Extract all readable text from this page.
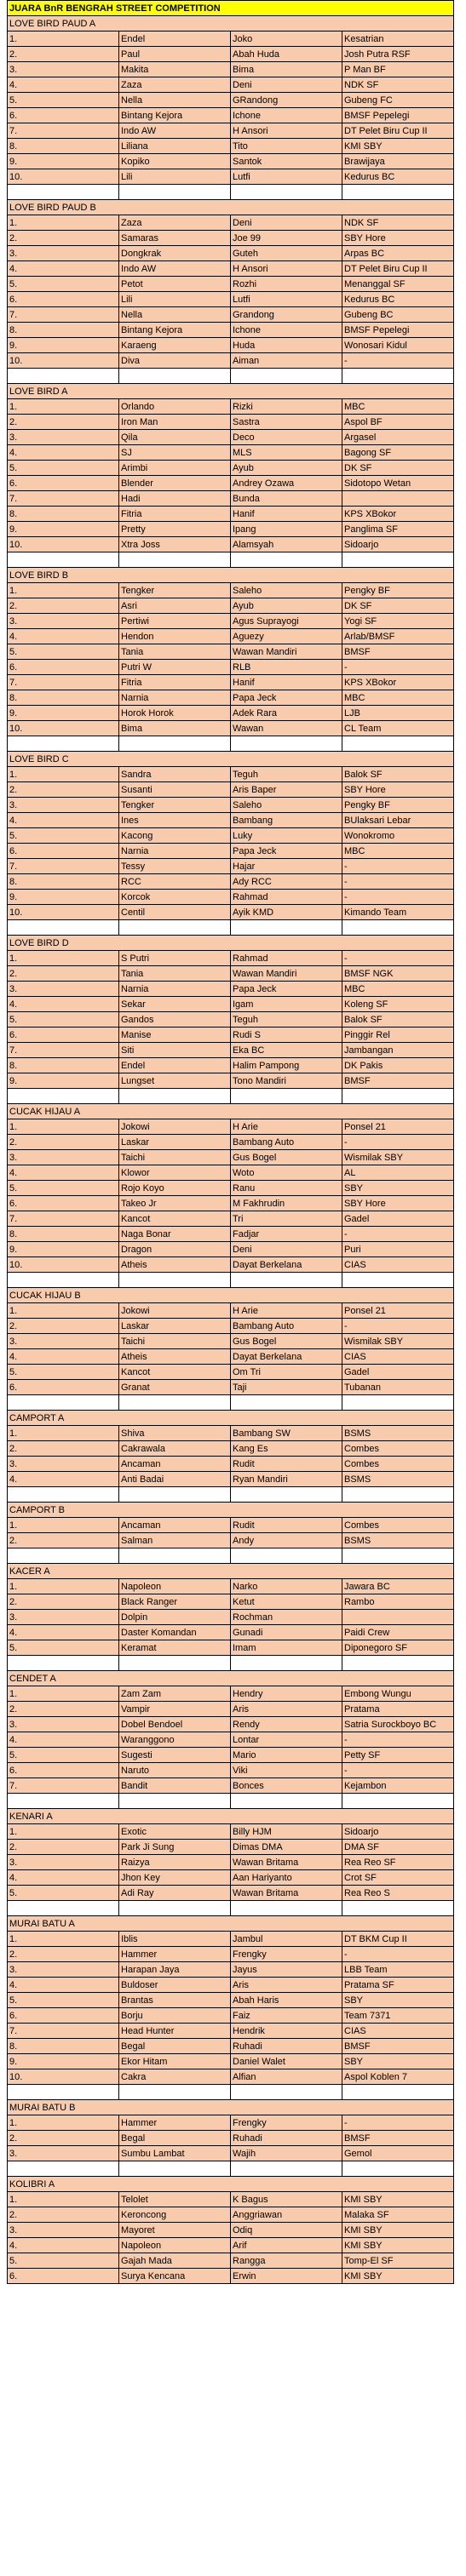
JUARA BnR BENGRAH STREET COMPETITION			
LOVE BIRD PAUD A			
1.	Endel	Joko	Kesatrian
2.	Paul	Abah Huda	Josh Putra RSF
3.	Makita	Bima	P Man BF
4.	Zaza	Deni	NDK SF
5.	Nella	GRandong	Gubeng FC
6.	Bintang Kejora	Ichone	BMSF Pepelegi
7.	Indo AW	H Ansori	DT Pelet Biru Cup II
8.	Liliana	Tito	KMI SBY
9.	Kopiko	Santok	Brawijaya
10.	Lili	Lutfi	Kedurus BC

LOVE BIRD PAUD B			
1.	Zaza	Deni	NDK SF
2.	Samaras	Joe 99	SBY Hore
3.	Dongkrak	Guteh	Arpas BC
4.	Indo AW	H Ansori	DT Pelet Biru Cup II
5.	Petot	Rozhi	Menanggal SF
6.	Lili	Lutfi	Kedurus BC
7.	Nella	Grandong	Gubeng BC
8.	Bintang Kejora	Ichone	BMSF Pepelegi
9.	Karaeng	Huda	Wonosari Kidul
10.	Diva	Aiman	-

LOVE BIRD A			
1.	Orlando	Rizki	MBC
2.	Iron Man	Sastra	Aspol BF
3.	Qila	Deco	Argasel
4.	SJ	MLS	Bagong SF
5.	Arimbi	Ayub	DK SF
6.	Blender	Andrey Ozawa	Sidotopo Wetan
7.	Hadi	Bunda	
8.	Fitria	Hanif	KPS XBokor
9.	Pretty	Ipang	Panglima SF
10.	Xtra Joss	Alamsyah	Sidoarjo

LOVE BIRD B			
1.	Tengker	Saleho	Pengky BF
2.	Asri	Ayub	DK SF
3.	Pertiwi	Agus Suprayogi	Yogi SF
4.	Hendon	Aguezy	Arlab/BMSF
5.	Tania	Wawan Mandiri	BMSF
6.	Putri W	RLB	-
7.	Fitria	Hanif	KPS XBokor
8.	Narnia	Papa Jeck	MBC
9.	Horok Horok	Adek Rara	LJB
10.	Bima	Wawan	CL Team

LOVE BIRD C			
1.	Sandra	Teguh	Balok SF
2.	Susanti	Aris Baper	SBY Hore
3.	Tengker	Saleho	Pengky BF
4.	Ines	Bambang	BUlaksari Lebar
5.	Kacong	Luky	Wonokromo
6.	Narnia	Papa Jeck	MBC
7.	Tessy	Hajar	-
8.	RCC	Ady RCC	-
9.	Korcok	Rahmad	-
10.	Centil	Ayik KMD	Kimando Team

LOVE BIRD D			
1.	S Putri	Rahmad	-
2.	Tania	Wawan Mandiri	BMSF NGK
3.	Narnia	Papa Jeck	MBC
4.	Sekar	Igam	Koleng SF
5.	Gandos	Teguh	Balok SF
6.	Manise	Rudi S	Pinggir Rel
7.	Siti	Eka BC	Jambangan
8.	Endel	Halim Pampong	DK Pakis
9.	Lungset	Tono Mandiri	BMSF

CUCAK HIJAU A			
1.	Jokowi	H Arie	Ponsel 21
2.	Laskar	Bambang Auto	-
3.	Taichi	Gus Bogel	Wismilak SBY
4.	Klowor	Woto	AL
5.	Rojo Koyo	Ranu	SBY
6.	Takeo Jr	M Fakhrudin	SBY Hore
7.	Kancot	Tri	Gadel
8.	Naga Bonar	Fadjar	-
9.	Dragon	Deni	Puri
10.	Atheis	Dayat Berkelana	CIAS

CUCAK HIJAU B			
1.	Jokowi	H Arie	Ponsel 21
2.	Laskar	Bambang Auto	-
3.	Taichi	Gus Bogel	Wismilak SBY
4.	Atheis	Dayat Berkelana	CIAS
5.	Kancot	Om Tri	Gadel
6.	Granat	Taji	Tubanan

CAMPORT A			
1.	Shiva	Bambang SW	BSMS
2.	Cakrawala	Kang Es	Combes
3.	Ancaman	Rudit	Combes
4.	Anti Badai	Ryan Mandiri	BSMS

CAMPORT B			
1.	Ancaman	Rudit	Combes
2.	Salman	Andy	BSMS

KACER A			
1.	Napoleon	Narko	Jawara BC
2.	Black Ranger	Ketut	Rambo
3.	Dolpin	Rochman	
4.	Daster Komandan	Gunadi	Paidi Crew
5.	Keramat	Imam	Diponegoro SF

CENDET A			
1.	Zam Zam	Hendry	Embong Wungu
2.	Vampir	Aris	Pratama
3.	Dobel Bendoel	Rendy	Satria Surockboyo BC
4.	Waranggono	Lontar	-
5.	Sugesti	Mario	Petty SF
6.	Naruto	Viki	-
7.	Bandit	Bonces	Kejambon

KENARI A			
1.	Exotic	Billy HJM	Sidoarjo
2.	Park Ji Sung	Dimas DMA	DMA SF
3.	Raizya	Wawan Britama	Rea Reo SF
4.	Jhon Key	Aan Hariyanto	Crot SF
5.	Adi Ray	Wawan Britama	Rea Reo S

MURAI BATU A			
1.	Iblis	Jambul	DT BKM Cup II
2.	Hammer	Frengky	-
3.	Harapan Jaya	Jayus	LBB Team
4.	Buldoser	Aris	Pratama SF
5.	Brantas	Abah Haris	SBY
6.	Borju	Faiz	Team 7371
7.	Head Hunter	Hendrik	CIAS
8.	Begal	Ruhadi	BMSF
9.	Ekor Hitam	Daniel Walet	SBY
10.	Cakra	Alfian	Aspol Koblen 7

MURAI BATU B			
1.	Hammer	Frengky	-
2.	Begal	Ruhadi	BMSF
3.	Sumbu Lambat	Wajih	Gemol

KOLIBRI A			
1.	Telolet	K Bagus	KMI SBY
2.	Keroncong	Anggriawan	Malaka SF
3.	Mayoret	Odiq	KMI SBY
4.	Napoleon	Arif	KMI SBY
5.	Gajah Mada	Rangga	Tomp-El SF
6.	Surya Kencana	Erwin	KMI SBY
